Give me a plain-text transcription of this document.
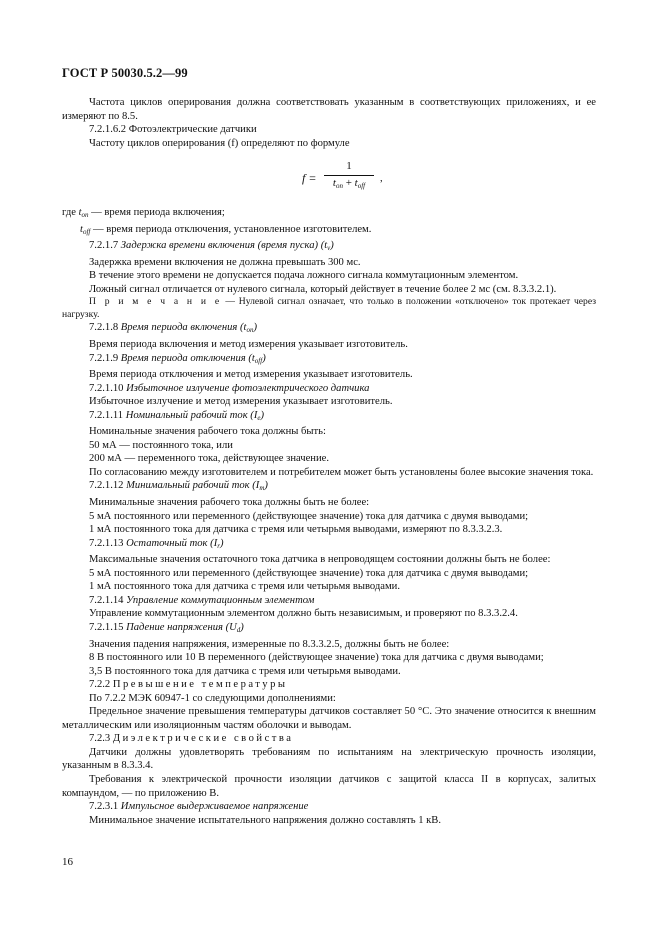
ГОСТ Р 50030.5.2—99

Частота циклов оперирования должна соответствовать указанным в соответствующих приложениях, и ее измеряют по 8.5.

7.2.1.6.2 Фотоэлектрические датчики

Частоту циклов оперирования (f) определяют по формуле

f =
1
$t_{on} + t_{off}$
,

где $t_{on}$ — время периода включения;

$t_{off}$ — время периода отключения, установленное изготовителем.

7.2.1.7 Задержка времени включения (время пуска) $(t_v)$

Задержка времени включения не должна превышать 300 мс.

В течение этого времени не допускается подача ложного сигнала коммутационным элементом.

Ложный сигнал отличается от нулевого сигнала, который действует в течение более 2 мс (см. 8.3.3.2.1).

П р и м е ч а н и е — Нулевой сигнал означает, что только в положении «отключено» ток протекает через нагрузку.

7.2.1.8 Время периода включения $(t_{on})$

Время периода включения и метод измерения указывает изготовитель.

7.2.1.9 Время периода отключения $(t_{off})$

Время периода отключения и метод измерения указывает изготовитель.

7.2.1.10 Избыточное излучение фотоэлектрического датчика

Избыточное излучение и метод измерения указывает изготовитель.

7.2.1.11 Номинальный рабочий ток $(I_e)$

Номинальные значения рабочего тока должны быть:

50 мА — постоянного тока, или

200 мА — переменного тока, действующее значение.

По согласованию между изготовителем и потребителем может быть установлены более высокие значения тока.

7.2.1.12 Минимальный рабочий ток $(I_m)$

Минимальные значения рабочего тока должны быть не более:

5 мА постоянного или переменного (действующее значение) тока для датчика с двумя выводами;

1 мА постоянного тока для датчика с тремя или четырьмя выводами, измеряют по 8.3.3.2.3.

7.2.1.13 Остаточный ток $(I_r)$

Максимальные значения остаточного тока датчика в непроводящем состоянии должны быть не более:

5 мА постоянного или переменного (действующее значение) тока для датчика с двумя выводами;

1 мА постоянного тока для датчика с тремя или четырьмя выводами.

7.2.1.14 Управление коммутационным элементом

Управление коммутационным элементом должно быть независимым, и проверяют по 8.3.3.2.4.

7.2.1.15 Падение напряжения $(U_d)$

Значения падения напряжения, измеренные по 8.3.3.2.5, должны быть не более:

8 В постоянного или 10 В переменного (действующее значение) тока для датчика с двумя выводами;

3,5 В постоянного тока для датчика с тремя или четырьмя выводами.

7.2.2 Превышение температуры

По 7.2.2 МЭК 60947-1 со следующими дополнениями:

Предельное значение превышения температуры датчиков составляет 50 °С. Это значение относится к внешним металлическим или изоляционным частям оболочки и выводам.

7.2.3 Диэлектрические свойства

Датчики должны удовлетворять требованиям по испытаниям на электрическую прочность изоляции, указанным в 8.3.3.4.

Требования к электрической прочности изоляции датчиков с защитой класса II в корпусах, залитых компаундом, — по приложению В.

7.2.3.1 Импульсное выдерживаемое напряжение

Минимальное значение испытательного напряжения должно составлять 1 кВ.

16
